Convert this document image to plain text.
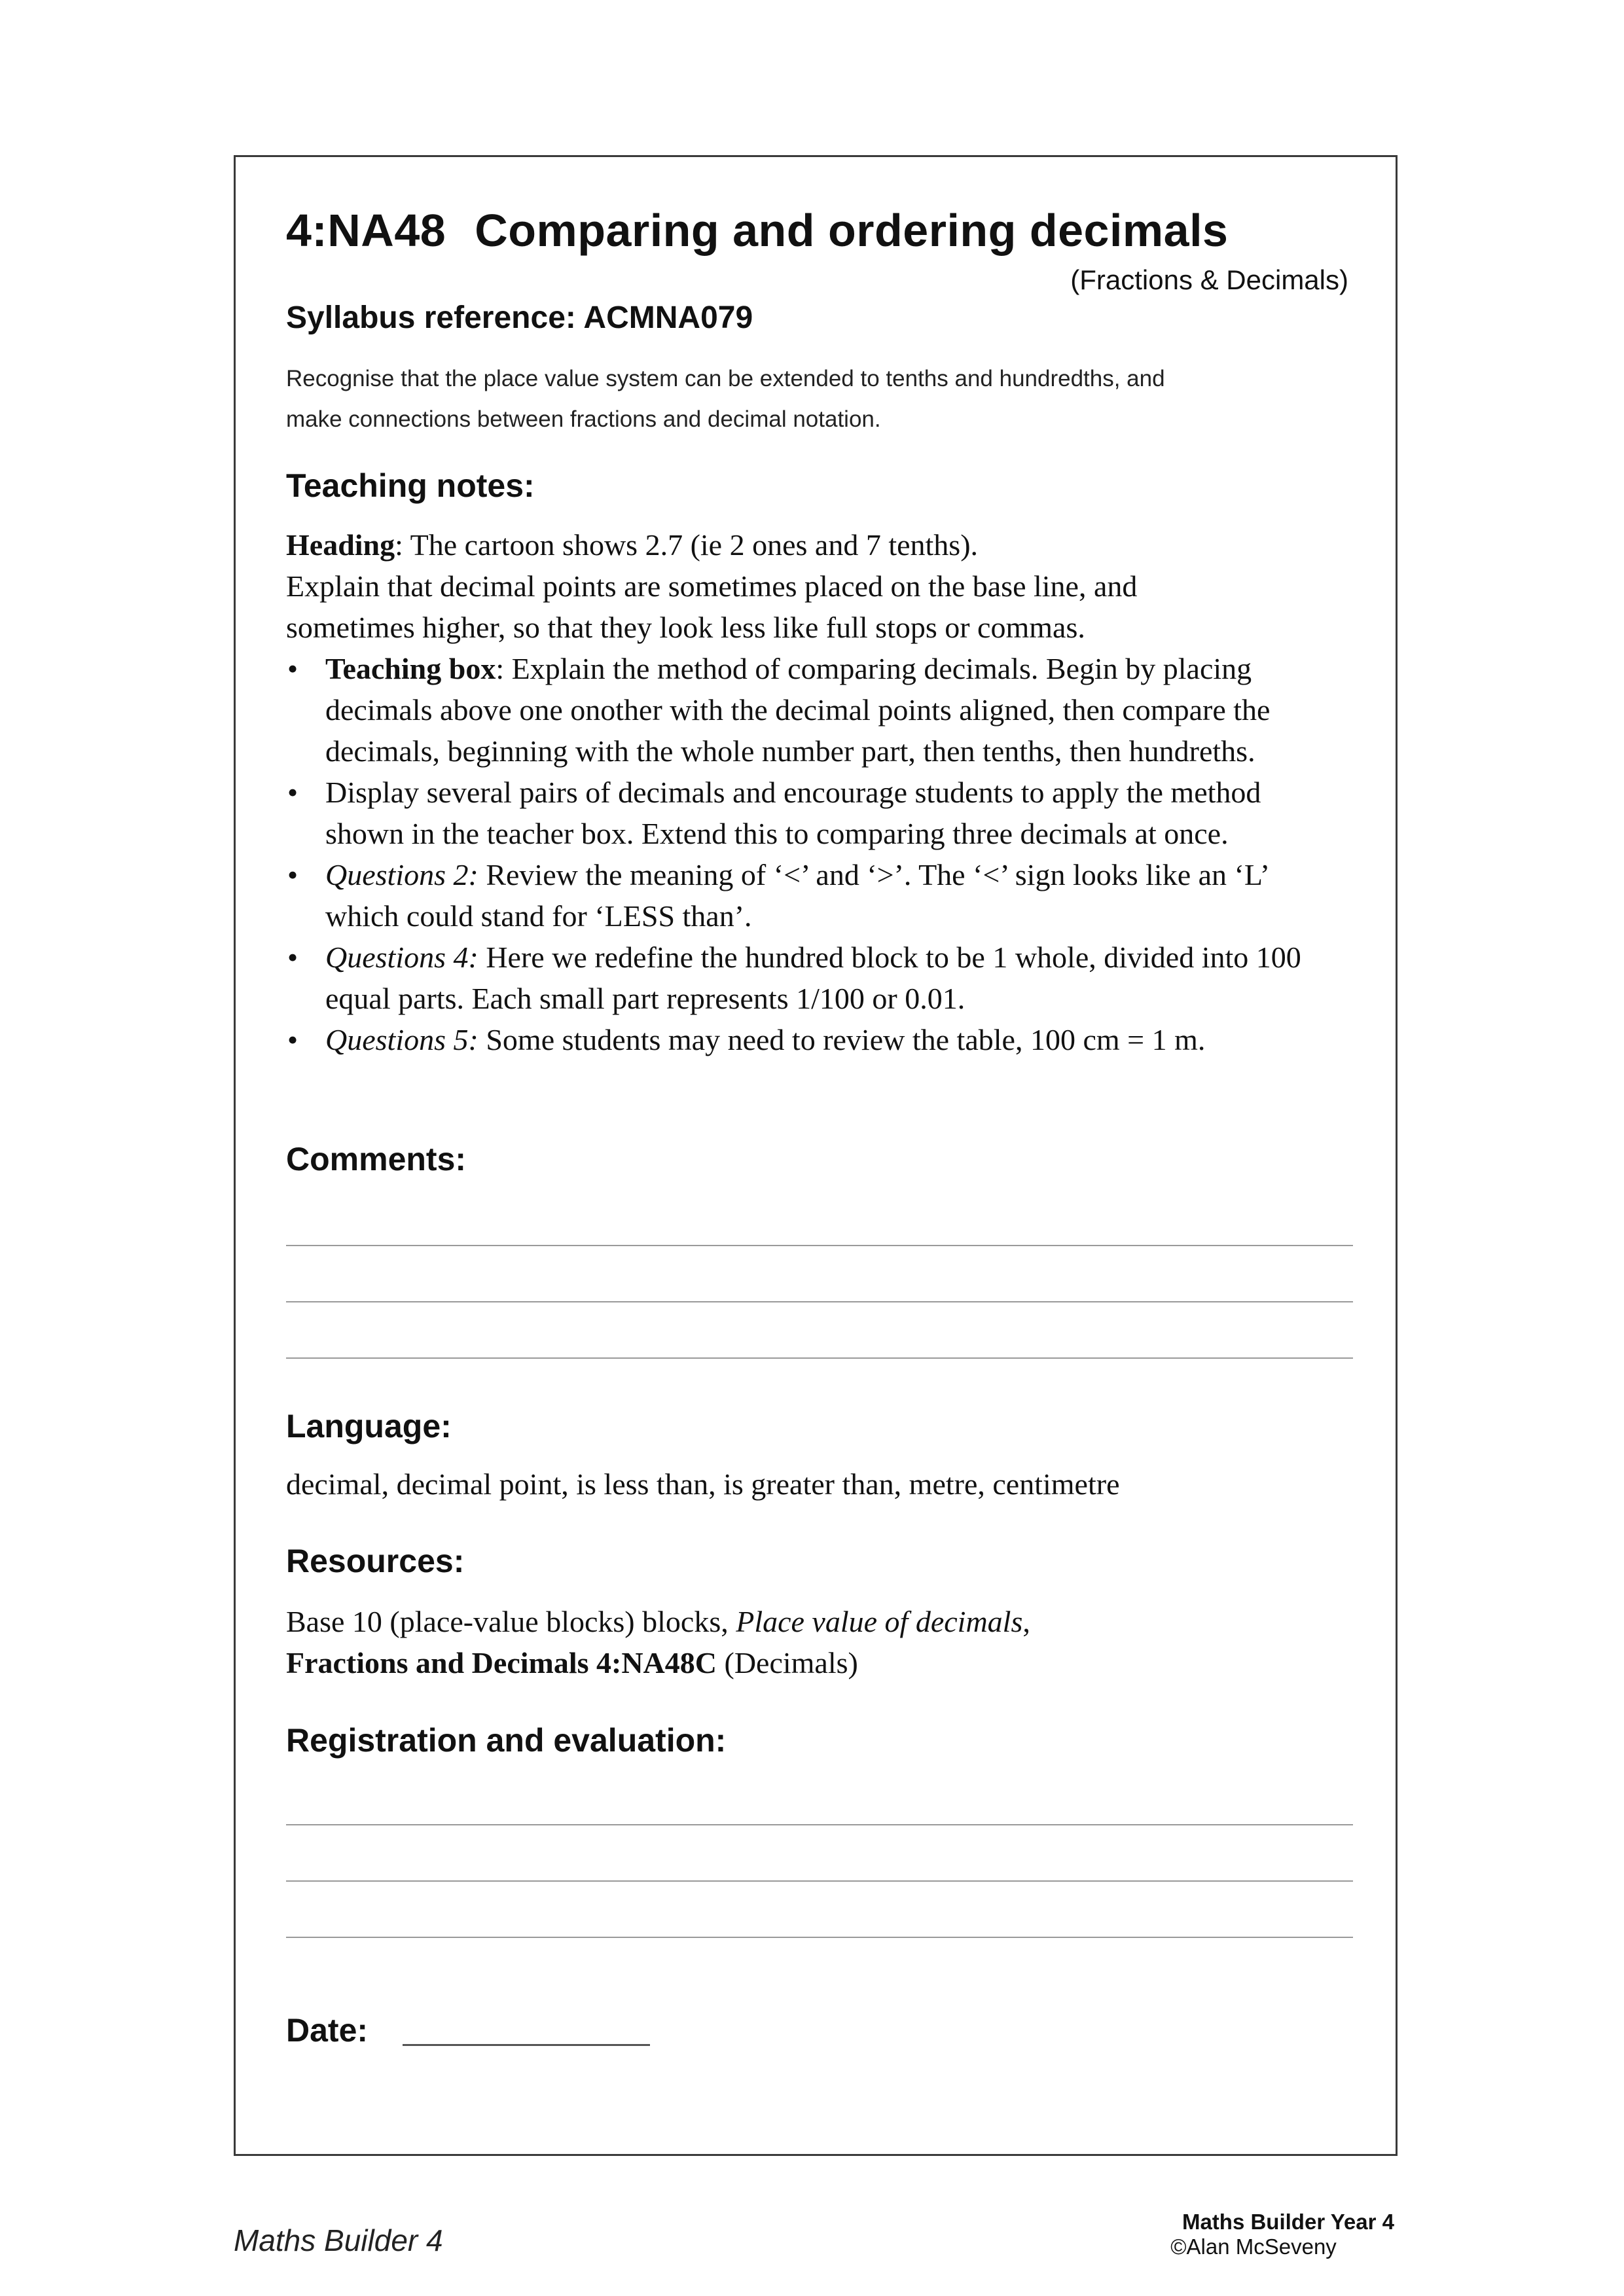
4:NA48 Comparing and ordering decimals
(Fractions & Decimals)
Syllabus reference: ACMNA079
Recognise that the place value system can be extended to tenths and hundredths, and
make connections between fractions and decimal notation.
Teaching notes:
Heading: The cartoon shows 2.7 (ie 2 ones and 7 tenths).
Explain that decimal points are sometimes placed on the base line, and
sometimes higher, so that they look less like full stops or commas.
• Teaching box: Explain the method of comparing decimals. Begin by placing decimals above one onother with the decimal points aligned, then compare the decimals, beginning with the whole number part, then tenths, then hundreths.
• Display several pairs of decimals and encourage students to apply the method shown in the teacher box. Extend this to comparing three decimals at once.
• Questions 2: Review the meaning of ‘<’ and ‘>’. The ‘<’ sign looks like an ‘L’ which could stand for ‘LESS than’.
• Questions 4: Here we redefine the hundred block to be 1 whole, divided into 100 equal parts. Each small part represents 1/100 or 0.01.
• Questions 5: Some students may need to review the table, 100 cm = 1 m.
Comments:
Language:
decimal, decimal point, is less than, is greater than, metre, centimetre
Resources:
Base 10 (place-value blocks) blocks, Place value of decimals,
Fractions and Decimals 4:NA48C (Decimals)
Registration and evaluation:
Date:
Maths Builder 4
Maths Builder Year 4
©Alan McSeveny
